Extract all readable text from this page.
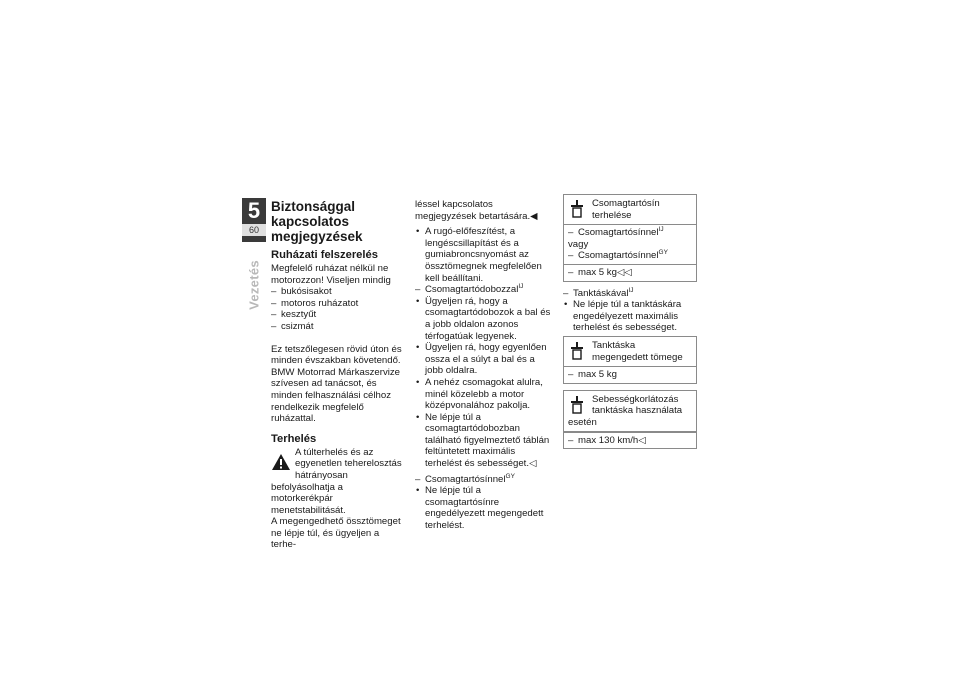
5
60
Vezetés
Biztonsággal kapcsolatos megjegyzések
Ruházati felszerelés

Megfelelő ruházat nélkül ne motorozzon! Viseljen mindig

– bukósisakot
– motoros ruházatot
– kesztyűt
– csizmát

Ez tetszőlegesen rövid úton és minden évszakban követendő. BMW Motorrad Márkaszervize szívesen ad tanácsot, és minden felhasználási célhoz rendelkezik megfelelő ruházattal.

Terhelés

A túlterhelés és az egyenetlen teherelosztás hátrányosan befolyásolhatja a motorkerékpár menetstabilitását.

A megengedhető össztömeget ne lépje túl, és ügyeljen a terhe-

léssel kapcsolatos megjegyzések betartására.◀

• A rugó-előfeszítést, a lengéscsillapítást és a gumiabroncsnyomást az össztömegnek megfelelően kell beállítani.
– Csomagtartódobozzal$^{IJ}$
• Ügyeljen rá, hogy a csomagtartódobozok a bal és a jobb oldalon azonos térfogatúak legyenek.
• Ügyeljen rá, hogy egyenlően ossza el a súlyt a bal és a jobb oldalra.
• A nehéz csomagokat alulra, minél közelebb a motor középvonalához pakolja.
• Ne lépje túl a csomagtartódobozban található figyelmeztető táblán feltüntetett maximális terhelést és sebességet.◁
– Csomagtartósínnel$^{GY}$
• Ne lépje túl a csomagtartósínre engedélyezett megengedett terhelést.
Csomagtartósín terhelése
– Csomagtartósínnel$^{IJ}$
vagy
– Csomagtartósínnel$^{GY}$
– max 5 kg◁◁
– Tanktáskával$^{IJ}$
• Ne lépje túl a tanktáskára engedélyezett maximális terhelést és sebességet.
Tanktáska megengedett tömege
– max 5 kg
Sebességkorlátozás tanktáska használata
esetén
– max 130 km/h◁
